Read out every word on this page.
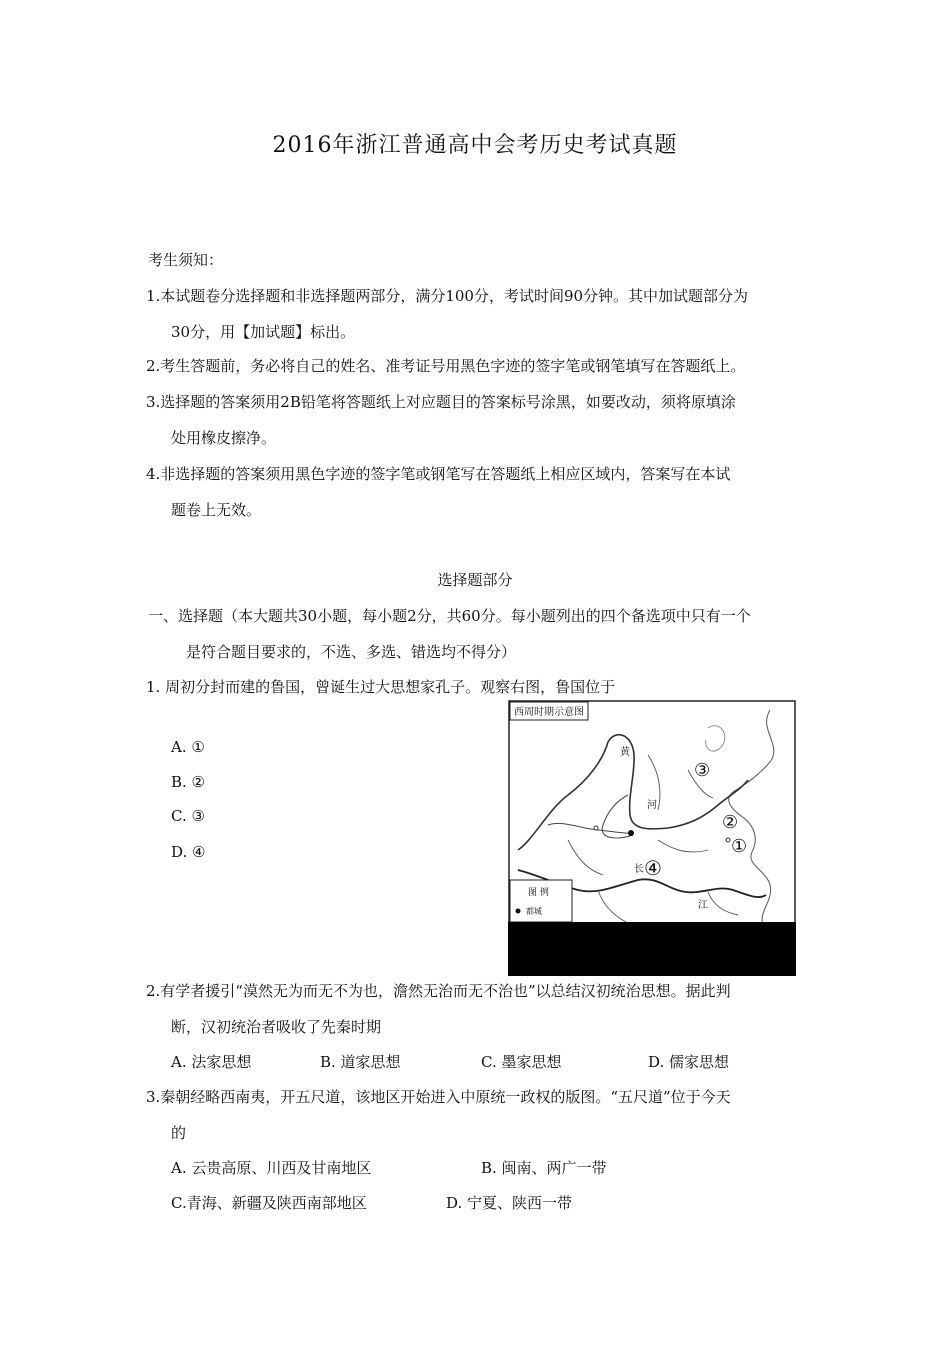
2016年浙江普通高中会考历史考试真题
考生须知：
1.本试题卷分选择题和非选择题两部分，满分100分，考试时间90分钟。其中加试题部分为
30分，用【加试题】标出。
2.考生答题前，务必将自己的姓名、准考证号用黑色字迹的签字笔或钢笔填写在答题纸上。
3.选择题的答案须用2B铅笔将答题纸上对应题目的答案标号涂黑，如要改动，须将原填涂
处用橡皮擦净。
4.非选择题的答案须用黑色字迹的签字笔或钢笔写在答题纸上相应区域内，答案写在本试
题卷上无效。
选择题部分
一、选择题（本大题共30小题，每小题2分，共60分。每小题列出的四个备选项中只有一个
是符合题目要求的，不选、多选、错选均不得分）
1. 周初分封而建的鲁国，曾诞生过大思想家孔子。观察右图，鲁国位于
A. ①
B. ②
C. ③
D. ④
西周时期示意图
黄
河
长
江
③
①
②
④
图 例
都城
2.有学者援引“漠然无为而无不为也，澹然无治而无不治也”以总结汉初统治思想。据此判
断，汉初统治者吸收了先秦时期
A. 法家思想	B. 道家思想	C. 墨家思想	D. 儒家思想
3.秦朝经略西南夷，开五尺道，该地区开始进入中原统一政权的版图。“五尺道”位于今天
的
A. 云贵高原、川西及甘南地区	B. 闽南、两广一带
C.青海、新疆及陕西南部地区	D. 宁夏、陕西一带
